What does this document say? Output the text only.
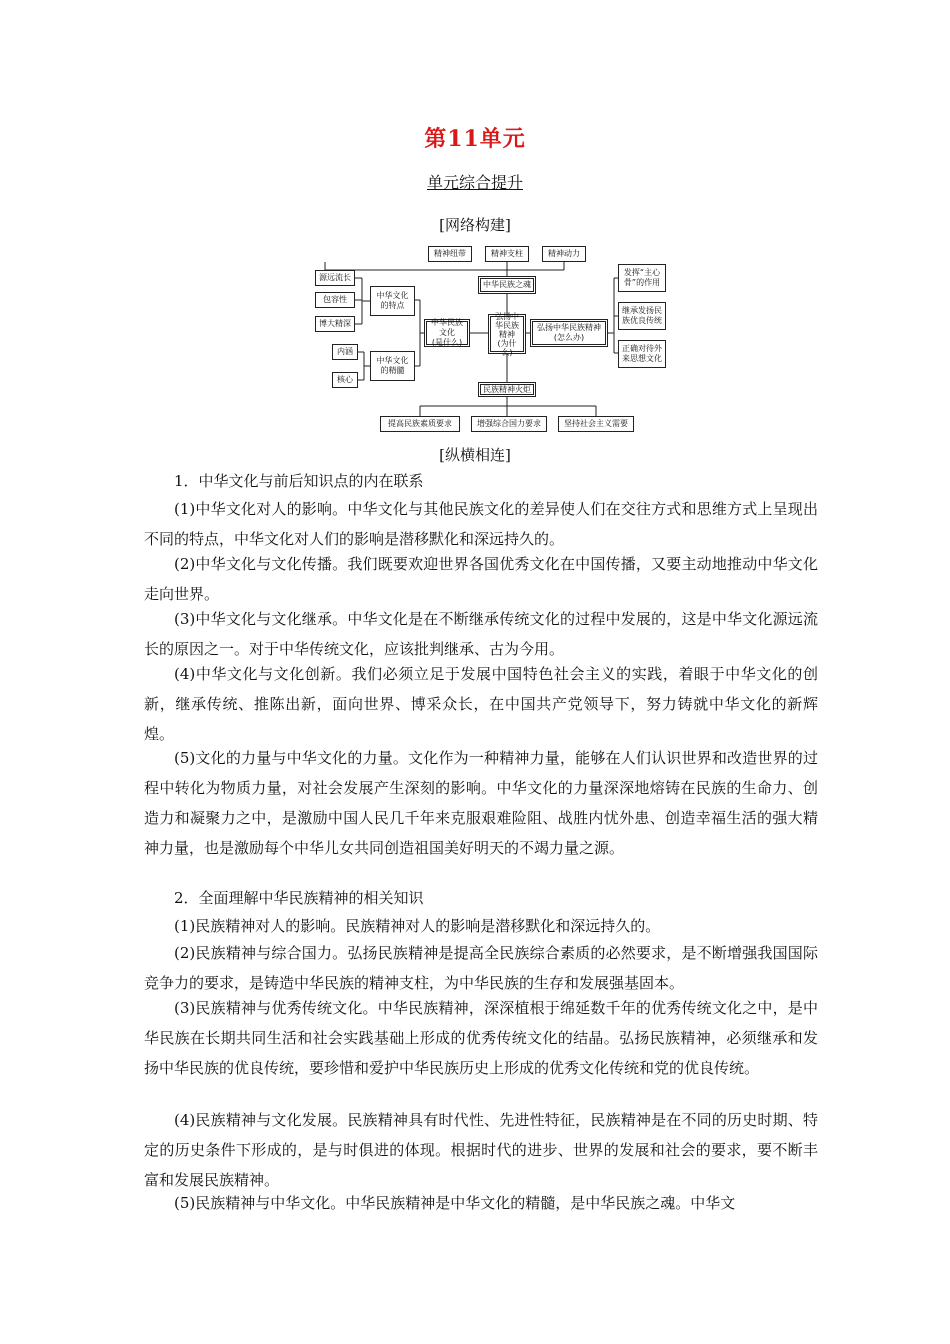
第11单元
单元综合提升
[网络构建]
精神纽带	精神支柱	精神动力
中华民族之魂
源远流长
包容性
博大精深
中华文化
的特点
内涵
核心
中华文化
的精髓
中华民族文化
(是什么)
弘扬中
华民族
精神
(为什么)
弘扬中华民族精神
(怎么办)
发挥“主心
骨”的作用
继承发扬民
族优良传统
正确对待外
来思想文化
民族精神火炬
提高民族素质要求	增强综合国力要求	坚持社会主义需要
[纵横相连]
1．中华文化与前后知识点的内在联系
(1)中华文化对人的影响。中华文化与其他民族文化的差异使人们在交往方式和思维方式上呈现出不同的特点，中华文化对人们的影响是潜移默化和深远持久的。
(2)中华文化与文化传播。我们既要欢迎世界各国优秀文化在中国传播，又要主动地推动中华文化走向世界。
(3)中华文化与文化继承。中华文化是在不断继承传统文化的过程中发展的，这是中华文化源远流长的原因之一。对于中华传统文化，应该批判继承、古为今用。
(4)中华文化与文化创新。我们必须立足于发展中国特色社会主义的实践，着眼于中华文化的创新，继承传统、推陈出新，面向世界、博采众长，在中国共产党领导下，努力铸就中华文化的新辉煌。
(5)文化的力量与中华文化的力量。文化作为一种精神力量，能够在人们认识世界和改造世界的过程中转化为物质力量，对社会发展产生深刻的影响。中华文化的力量深深地熔铸在民族的生命力、创造力和凝聚力之中，是激励中国人民几千年来克服艰难险阻、战胜内忧外患、创造幸福生活的强大精神力量，也是激励每个中华儿女共同创造祖国美好明天的不竭力量之源。
2．全面理解中华民族精神的相关知识
(1)民族精神对人的影响。民族精神对人的影响是潜移默化和深远持久的。
(2)民族精神与综合国力。弘扬民族精神是提高全民族综合素质的必然要求，是不断增强我国国际竞争力的要求，是铸造中华民族的精神支柱，为中华民族的生存和发展强基固本。
(3)民族精神与优秀传统文化。中华民族精神，深深植根于绵延数千年的优秀传统文化之中，是中华民族在长期共同生活和社会实践基础上形成的优秀传统文化的结晶。弘扬民族精神，必须继承和发扬中华民族的优良传统，要珍惜和爱护中华民族历史上形成的优秀文化传统和党的优良传统。
(4)民族精神与文化发展。民族精神具有时代性、先进性特征，民族精神是在不同的历史时期、特定的历史条件下形成的，是与时俱进的体现。根据时代的进步、世界的发展和社会的要求，要不断丰富和发展民族精神。
(5)民族精神与中华文化。中华民族精神是中华文化的精髓，是中华民族之魂。中华文
